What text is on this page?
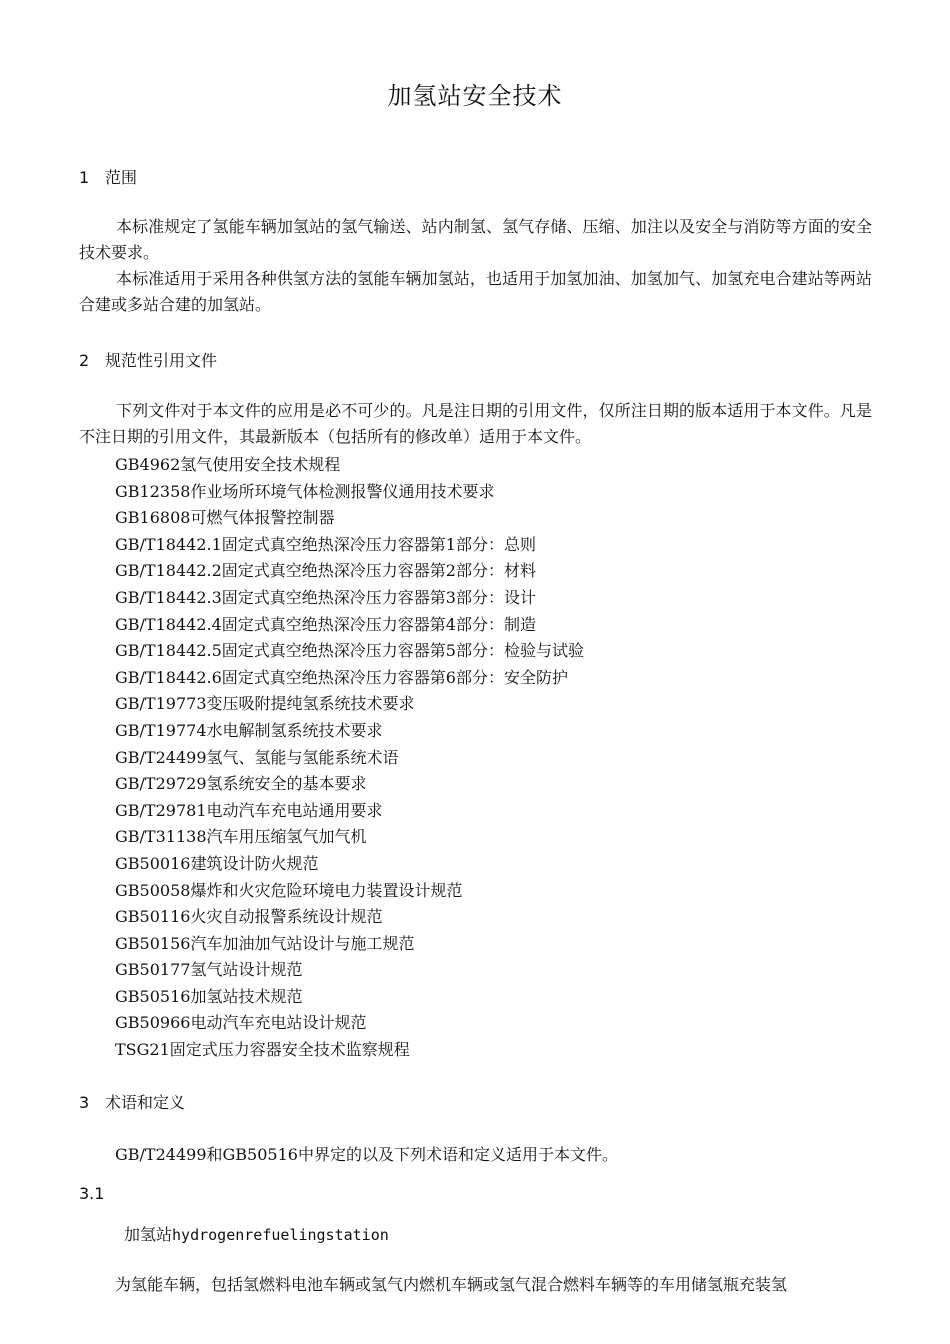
加氢站安全技术
1 范围

本标准规定了氢能车辆加氢站的氢气输送、站内制氢、氢气存储、压缩、加注以及安全与消防等方面的安全技术要求。

本标准适用于采用各种供氢方法的氢能车辆加氢站，也适用于加氢加油、加氢加气、加氢充电合建站等两站合建或多站合建的加氢站。

2 规范性引用文件

下列文件对于本文件的应用是必不可少的。凡是注日期的引用文件，仅所注日期的版本适用于本文件。凡是不注日期的引用文件，其最新版本（包括所有的修改单）适用于本文件。

GB4962氢气使用安全技术规程
GB12358作业场所环境气体检测报警仪通用技术要求
GB16808可燃气体报警控制器
GB/T18442.1固定式真空绝热深冷压力容器第1部分：总则
GB/T18442.2固定式真空绝热深冷压力容器第2部分：材料
GB/T18442.3固定式真空绝热深冷压力容器第3部分：设计
GB/T18442.4固定式真空绝热深冷压力容器第4部分：制造
GB/T18442.5固定式真空绝热深冷压力容器第5部分：检验与试验
GB/T18442.6固定式真空绝热深冷压力容器第6部分：安全防护
GB/T19773变压吸附提纯氢系统技术要求
GB/T19774水电解制氢系统技术要求
GB/T24499氢气、氢能与氢能系统术语
GB/T29729氢系统安全的基本要求
GB/T29781电动汽车充电站通用要求
GB/T31138汽车用压缩氢气加气机
GB50016建筑设计防火规范
GB50058爆炸和火灾危险环境电力装置设计规范
GB50116火灾自动报警系统设计规范
GB50156汽车加油加气站设计与施工规范
GB50177氢气站设计规范
GB50516加氢站技术规范
GB50966电动汽车充电站设计规范
TSG21固定式压力容器安全技术监察规程
3 术语和定义
GB/T24499和GB50516中界定的以及下列术语和定义适用于本文件。
3.1
加氢站hydrogenrefuelingstation
为氢能车辆，包括氢燃料电池车辆或氢气内燃机车辆或氢气混合燃料车辆等的车用储氢瓶充装氢
